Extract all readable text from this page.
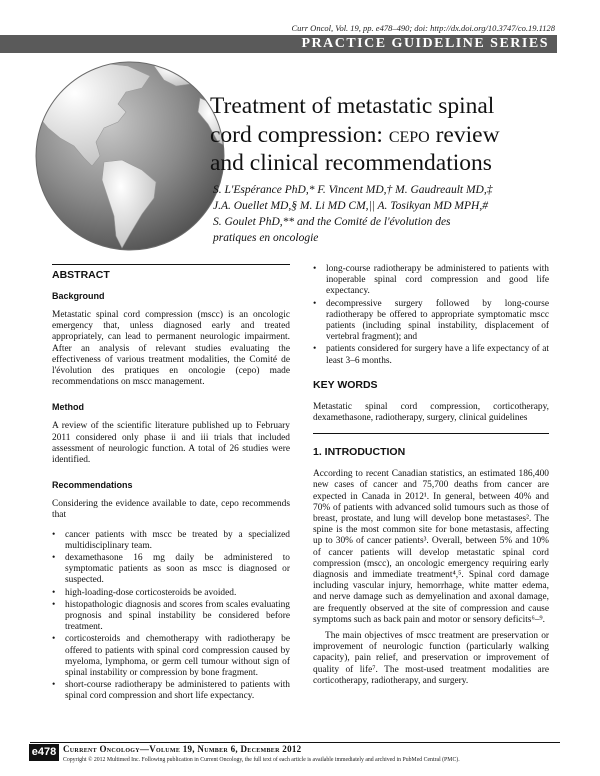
Curr Oncol, Vol. 19, pp. e478–490; doi: http://dx.doi.org/10.3747/co.19.1128
PRACTICE GUIDELINE SERIES
Treatment of metastatic spinal
cord compression: cepo review
and clinical recommendations
S. L'Espérance PhD,* F. Vincent MD,† M. Gaudreault MD,‡
J.A. Ouellet MD,§ M. Li MD CM,|| A. Tosikyan MD MPH,#
S. Goulet PhD,** and the Comité de l'évolution des
pratiques en oncologie
ABSTRACT
Background

Metastatic spinal cord compression (mscc) is an oncologic emergency that, unless diagnosed early and treated appropriately, can lead to permanent neurologic impairment. After an analysis of relevant studies evaluating the effectiveness of various treatment modalities, the Comité de l'évolution des pratiques en oncologie (cepo) made recommendations on mscc management.

Method

A review of the scientific literature published up to February 2011 considered only phase ii and iii trials that included assessment of neurologic function. A total of 26 studies were identified.

Recommendations

Considering the evidence available to date, cepo recommends that

• cancer patients with mscc be treated by a specialized multidisciplinary team.
• dexamethasone 16 mg daily be administered to symptomatic patients as soon as mscc is diagnosed or suspected.
• high-loading-dose corticosteroids be avoided.
• histopathologic diagnosis and scores from scales evaluating prognosis and spinal instability be considered before treatment.
• corticosteroids and chemotherapy with radiotherapy be offered to patients with spinal cord compression caused by myeloma, lymphoma, or germ cell tumour without sign of spinal instability or compression by bone fragment.
• short-course radiotherapy be administered to patients with spinal cord compression and short life expectancy.
• long-course radiotherapy be administered to patients with inoperable spinal cord compression and good life expectancy.
• decompressive surgery followed by long-course radiotherapy be offered to appropriate symptomatic mscc patients (including spinal instability, displacement of vertebral fragment); and
• patients considered for surgery have a life expectancy of at least 3–6 months.
KEY WORDS

Metastatic spinal cord compression, corticotherapy, dexamethasone, radiotherapy, surgery, clinical guidelines

1. INTRODUCTION

According to recent Canadian statistics, an estimated 186,400 new cases of cancer and 75,700 deaths from cancer are expected in Canada in 2012¹. In general, between 40% and 70% of patients with advanced solid tumours such as those of breast, prostate, and lung will develop bone metastases². The spine is the most common site for bone metastasis, affecting up to 30% of cancer patients³. Overall, between 5% and 10% of cancer patients will develop metastatic spinal cord compression (mscc), an oncologic emergency requiring early diagnosis and immediate treatment⁴,⁵. Spinal cord damage including vascular injury, hemorrhage, white matter edema, and nerve damage such as demyelination and axonal damage, are frequently observed at the site of compression and cause symptoms such as back pain and motor or sensory deficits⁶–⁹.

The main objectives of mscc treatment are preservation or improvement of neurologic function (particularly walking capacity), pain relief, and preservation or improvement of quality of life⁷. The most-used treatment modalities are corticotherapy, radiotherapy, and surgery.

e478 Current Oncology—Volume 19, Number 6, December 2012
Copyright © 2012 Multimed Inc. Following publication in Current Oncology, the full text of each article is available immediately and archived in PubMed Central (PMC).
